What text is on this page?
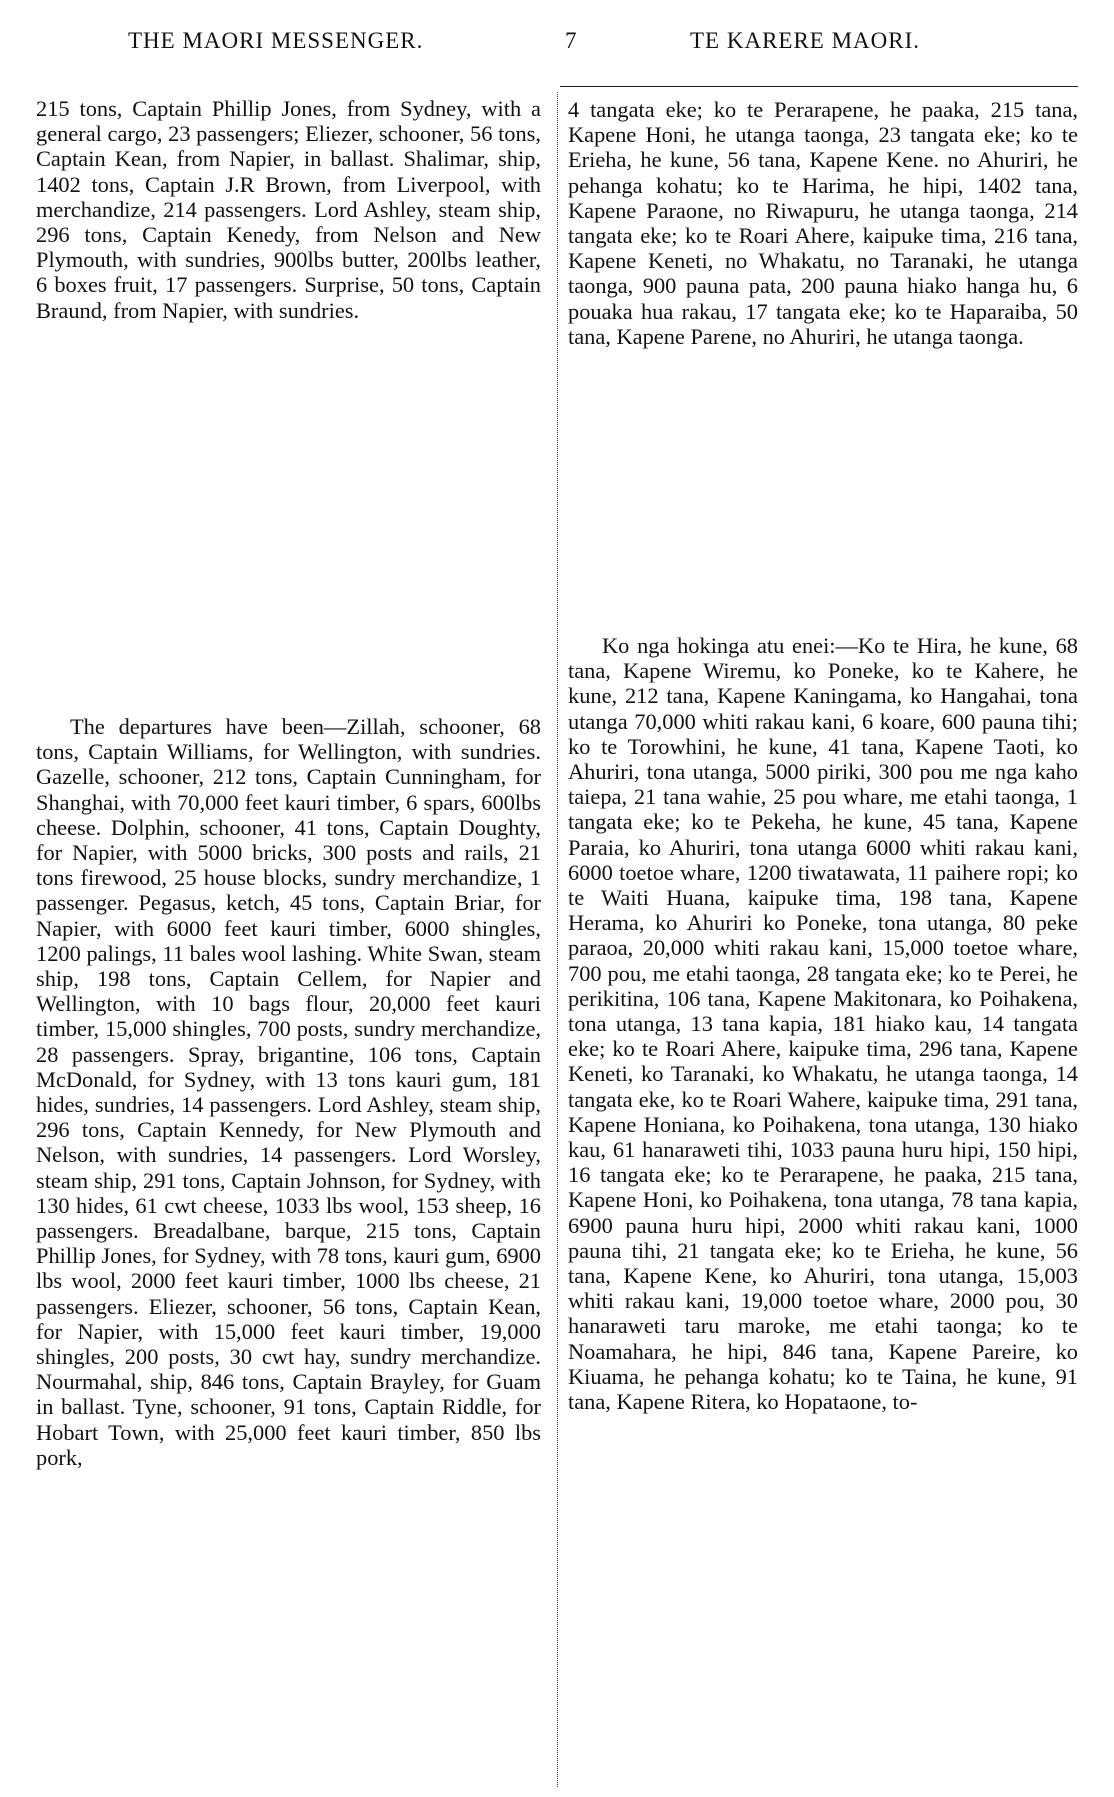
THE MAORI MESSENGER.	7	TE KARERE MAORI.

215 tons, Captain Phillip Jones, from Sydney, with a general cargo, 23 passengers; Eliezer, schooner, 56 tons, Captain Kean, from Napier, in ballast. Shalimar, ship, 1402 tons, Captain J.R Brown, from Liverpool, with merchandize, 214 passengers. Lord Ashley, steam ship, 296 tons, Captain Kenedy, from Nelson and New Plymouth, with sundries, 900lbs butter, 200lbs leather, 6 boxes fruit, 17 passengers. Surprise, 50 tons, Captain Braund, from Napier, with sundries.

4 tangata eke; ko te Perarapene, he paaka, 215 tana, Kapene Honi, he utanga taonga, 23 tangata eke; ko te Erieha, he kune, 56 tana, Kapene Kene. no Ahuriri, he pehanga kohatu; ko te Harima, he hipi, 1402 tana, Kapene Paraone, no Riwapuru, he utanga taonga, 214 tangata eke; ko te Roari Ahere, kaipuke tima, 216 tana, Kapene Keneti, no Whakatu, no Taranaki, he utanga taonga, 900 pauna pata, 200 pauna hiako hanga hu, 6 pouaka hua rakau, 17 tangata eke; ko te Haparaiba, 50 tana, Kapene Parene, no Ahuriri, he utanga taonga.

The departures have been—Zillah, schooner, 68 tons, Captain Williams, for Wellington, with sundries. Gazelle, schooner, 212 tons, Captain Cunningham, for Shanghai, with 70,000 feet kauri timber, 6 spars, 600lbs cheese. Dolphin, schooner, 41 tons, Captain Doughty, for Napier, with 5000 bricks, 300 posts and rails, 21 tons firewood, 25 house blocks, sundry merchandize, 1 passenger. Pegasus, ketch, 45 tons, Captain Briar, for Napier, with 6000 feet kauri timber, 6000 shingles, 1200 palings, 11 bales wool lashing. White Swan, steam ship, 198 tons, Captain Cellem, for Napier and Wellington, with 10 bags flour, 20,000 feet kauri timber, 15,000 shingles, 700 posts, sundry merchandize, 28 passengers. Spray, brigantine, 106 tons, Captain McDonald, for Sydney, with 13 tons kauri gum, 181 hides, sundries, 14 passengers. Lord Ashley, steam ship, 296 tons, Captain Kennedy, for New Plymouth and Nelson, with sundries, 14 passengers. Lord Worsley, steam ship, 291 tons, Captain Johnson, for Sydney, with 130 hides, 61 cwt cheese, 1033 lbs wool, 153 sheep, 16 passengers. Breadalbane, barque, 215 tons, Captain Phillip Jones, for Sydney, with 78 tons, kauri gum, 6900 lbs wool, 2000 feet kauri timber, 1000 lbs cheese, 21 passengers. Eliezer, schooner, 56 tons, Captain Kean, for Napier, with 15,000 feet kauri timber, 19,000 shingles, 200 posts, 30 cwt hay, sundry merchandize. Nourmahal, ship, 846 tons, Captain Brayley, for Guam in ballast. Tyne, schooner, 91 tons, Captain Riddle, for Hobart Town, with 25,000 feet kauri timber, 850 lbs pork,

Ko nga hokinga atu enei:—Ko te Hira, he kune, 68 tana, Kapene Wiremu, ko Poneke, ko te Kahere, he kune, 212 tana, Kapene Kaningama, ko Hangahai, tona utanga 70,000 whiti rakau kani, 6 koare, 600 pauna tihi; ko te Torowhini, he kune, 41 tana, Kapene Taoti, ko Ahuriri, tona utanga, 5000 piriki, 300 pou me nga kaho taiepa, 21 tana wahie, 25 pou whare, me etahi taonga, 1 tangata eke; ko te Pekeha, he kune, 45 tana, Kapene Paraia, ko Ahuriri, tona utanga 6000 whiti rakau kani, 6000 toetoe whare, 1200 tiwatawata, 11 paihere ropi; ko te Waiti Huana, kaipuke tima, 198 tana, Kapene Herama, ko Ahuriri ko Poneke, tona utanga, 80 peke paraoa, 20,000 whiti rakau kani, 15,000 toetoe whare, 700 pou, me etahi taonga, 28 tangata eke; ko te Perei, he perikitina, 106 tana, Kapene Makitonara, ko Poihakena, tona utanga, 13 tana kapia, 181 hiako kau, 14 tangata eke; ko te Roari Ahere, kaipuke tima, 296 tana, Kapene Keneti, ko Taranaki, ko Whakatu, he utanga taonga, 14 tangata eke, ko te Roari Wahere, kaipuke tima, 291 tana, Kapene Honiana, ko Poihakena, tona utanga, 130 hiako kau, 61 hanaraweti tihi, 1033 pauna huru hipi, 150 hipi, 16 tangata eke; ko te Perarapene, he paaka, 215 tana, Kapene Honi, ko Poihakena, tona utanga, 78 tana kapia, 6900 pauna huru hipi, 2000 whiti rakau kani, 1000 pauna tihi, 21 tangata eke; ko te Erieha, he kune, 56 tana, Kapene Kene, ko Ahuriri, tona utanga, 15,003 whiti rakau kani, 19,000 toetoe whare, 2000 pou, 30 hanaraweti taru maroke, me etahi taonga; ko te Noamahara, he hipi, 846 tana, Kapene Pareire, ko Kiuama, he pehanga kohatu; ko te Taina, he kune, 91 tana, Kapene Ritera, ko Hopataone, to-
